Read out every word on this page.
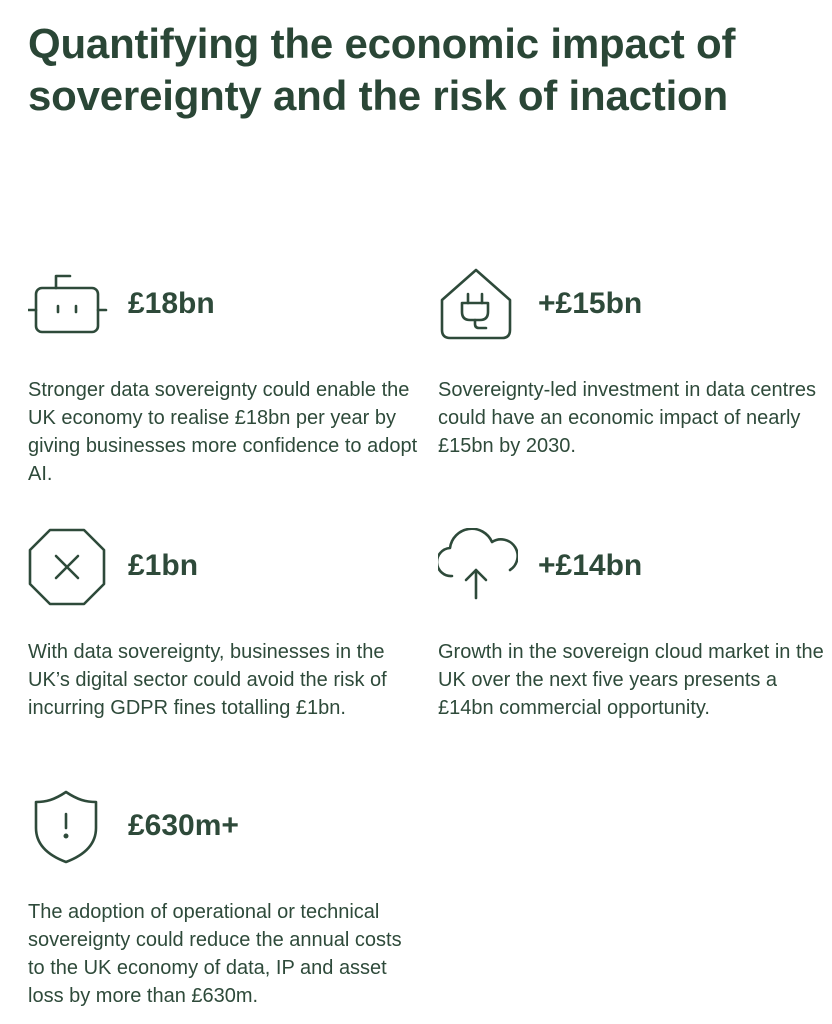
Quantifying the economic impact of sovereignty and the risk of inaction
£18bn

Stronger data sovereignty could enable the UK economy to realise £18bn per year by giving businesses more confidence to adopt AI.

+£15bn

Sovereignty-led investment in data centres could have an economic impact of nearly £15bn by 2030.

£1bn

With data sovereignty, businesses in the UK’s digital sector could avoid the risk of incurring GDPR fines totalling £1bn.

+£14bn

Growth in the sovereign cloud market in the UK over the next five years presents a £14bn commercial opportunity.

£630m+

The adoption of operational or technical sovereignty could reduce the annual costs to the UK economy of data, IP and asset loss by more than £630m.
